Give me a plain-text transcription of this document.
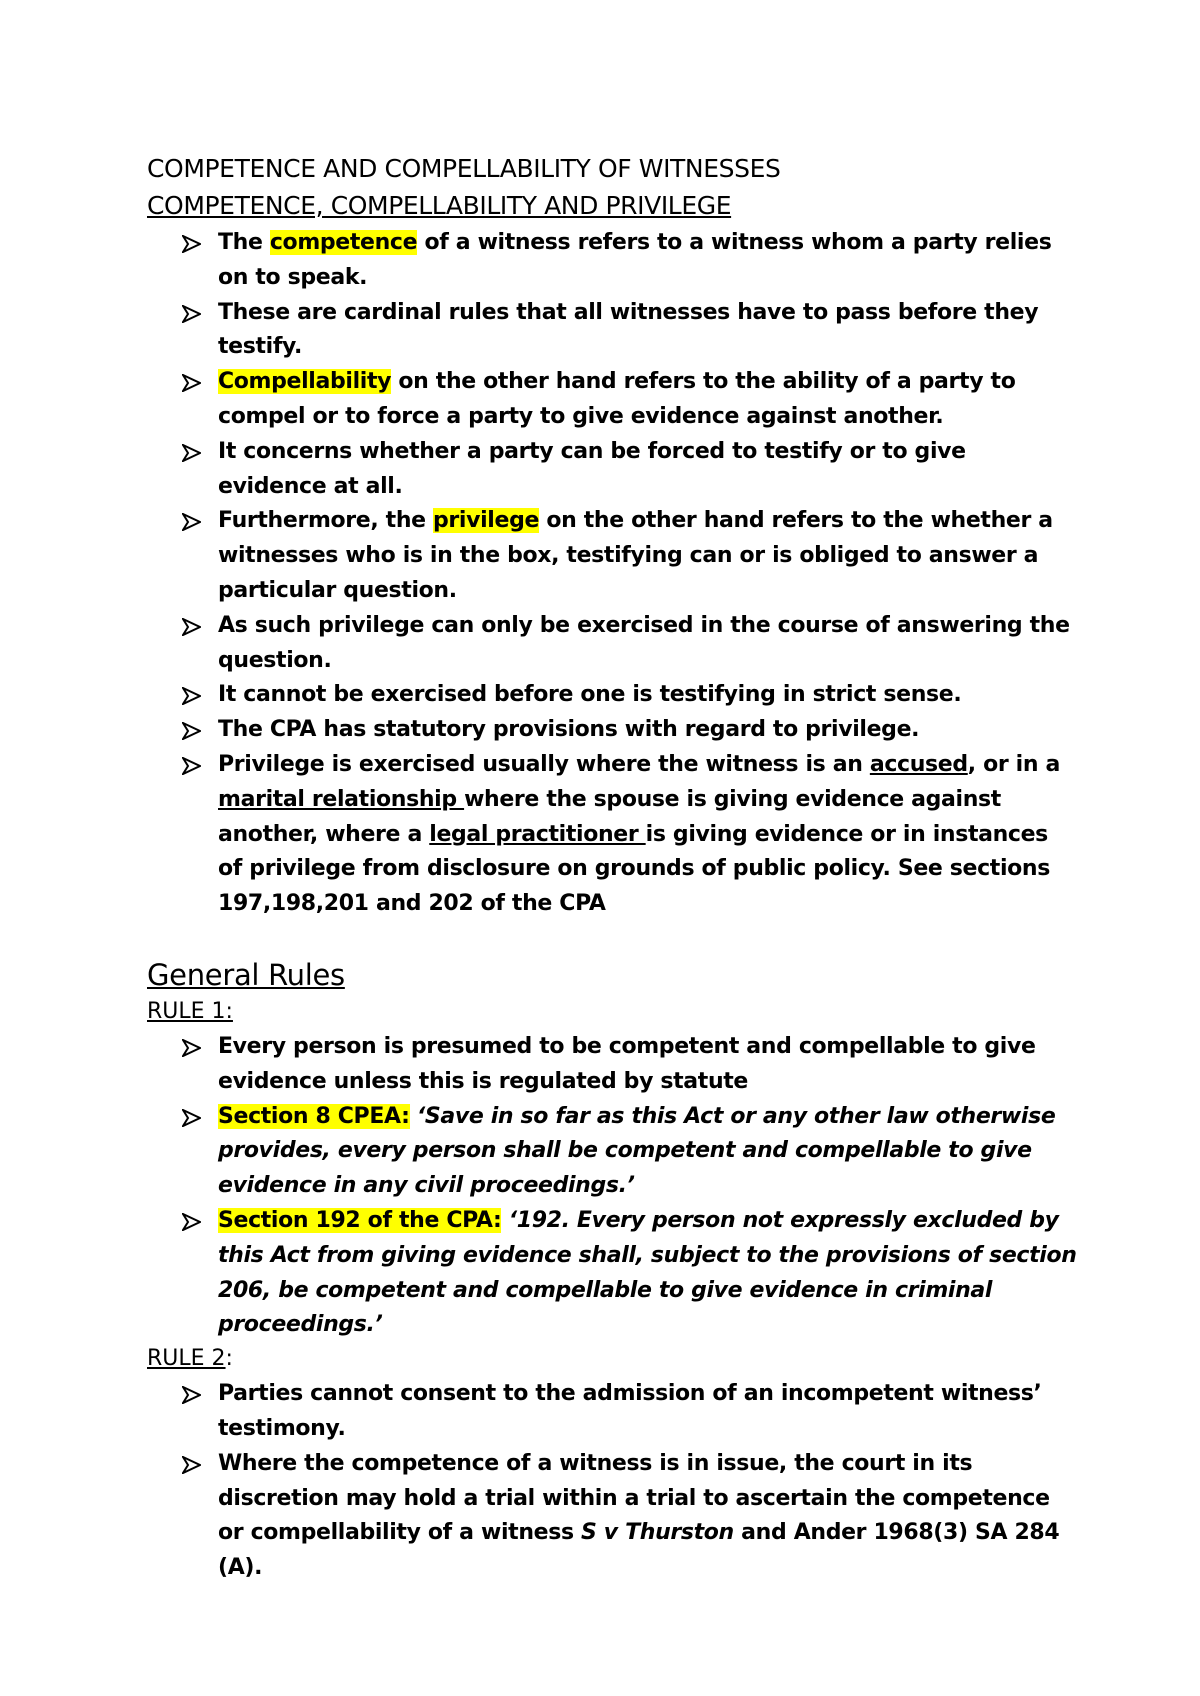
COMPETENCE AND COMPELLABILITY OF WITNESSES

COMPETENCE, COMPELLABILITY AND PRIVILEGE

The competence of a witness refers to a witness whom a party relies on to speak.
These are cardinal rules that all witnesses have to pass before they testify.
Compellability on the other hand refers to the ability of a party to compel or to force a party to give evidence against another.
It concerns whether a party can be forced to testify or to give evidence at all.
Furthermore, the privilege on the other hand refers to the whether a witnesses who is in the box, testifying can or is obliged to answer a particular question.
As such privilege can only be exercised in the course of answering the question.
It cannot be exercised before one is testifying in strict sense.
The CPA has statutory provisions with regard to privilege.
Privilege is exercised usually where the witness is an accused, or in a marital relationship where the spouse is giving evidence against another, where a legal practitioner is giving evidence or in instances of privilege from disclosure on grounds of public policy. See sections 197,198,201 and 202 of the CPA

General Rules

RULE 1:

Every person is presumed to be competent and compellable to give evidence unless this is regulated by statute
Section 8 CPEA: ‘Save in so far as this Act or any other law otherwise provides, every person shall be competent and compellable to give evidence in any civil proceedings.’
Section 192 of the CPA: ‘192. Every person not expressly excluded by this Act from giving evidence shall, subject to the provisions of section 206, be competent and compellable to give evidence in criminal proceedings.’

RULE 2:

Parties cannot consent to the admission of an incompetent witness’ testimony.
Where the competence of a witness is in issue, the court in its discretion may hold a trial within a trial to ascertain the competence or compellability of a witness S v Thurston and Ander 1968(3) SA 284 (A).
